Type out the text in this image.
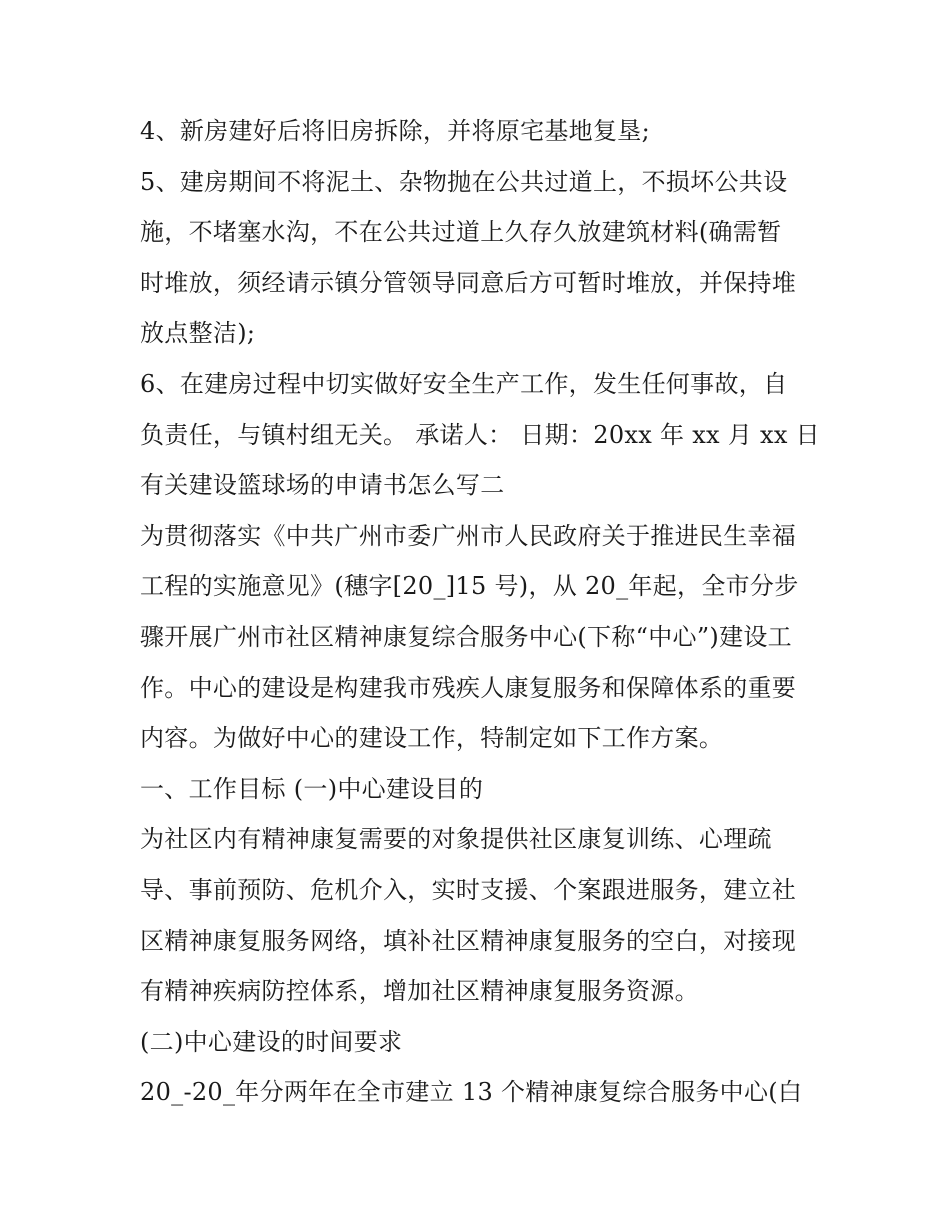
4、新房建好后将旧房拆除，并将原宅基地复垦;
5、建房期间不将泥土、杂物抛在公共过道上，不损坏公共设
施，不堵塞水沟，不在公共过道上久存久放建筑材料(确需暂
时堆放，须经请示镇分管领导同意后方可暂时堆放，并保持堆
放点整洁);
6、在建房过程中切实做好安全生产工作，发生任何事故，自
负责任，与镇村组无关。 承诺人： 日期：20xx 年 xx 月 xx 日
有关建设篮球场的申请书怎么写二
为贯彻落实《中共广州市委广州市人民政府关于推进民生幸福
工程的实施意见》(穗字[20_]15 号)，从 20_年起，全市分步
骤开展广州市社区精神康复综合服务中心(下称“中心”)建设工
作。中心的建设是构建我市残疾人康复服务和保障体系的重要
内容。为做好中心的建设工作，特制定如下工作方案。
一、工作目标 (一)中心建设目的
为社区内有精神康复需要的对象提供社区康复训练、心理疏
导、事前预防、危机介入，实时支援、个案跟进服务，建立社
区精神康复服务网络，填补社区精神康复服务的空白，对接现
有精神疾病防控体系，增加社区精神康复服务资源。
(二)中心建设的时间要求
20_-20_年分两年在全市建立 13 个精神康复综合服务中心(白
